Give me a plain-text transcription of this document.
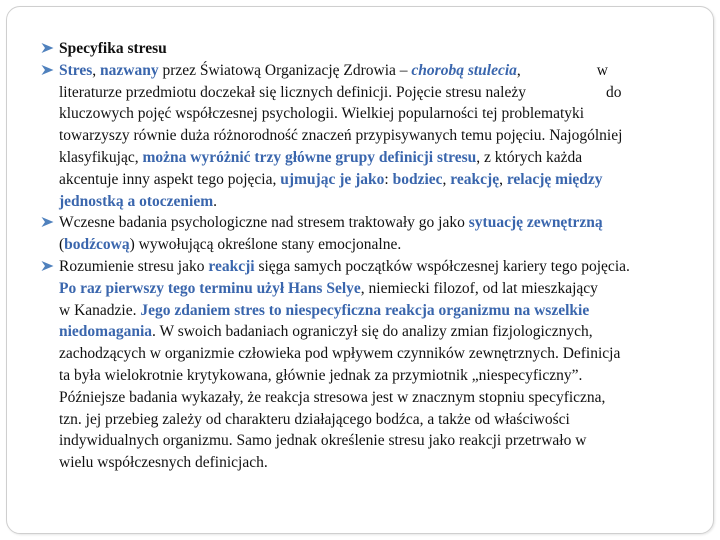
Specyfika stresu
Stres, nazwany przez Światową Organizację Zdrowia – chorobą stulecia,	w
literaturze przedmiotu doczekał się licznych definicji. Pojęcie stresu należy	do
kluczowych pojęć współczesnej psychologii. Wielkiej popularności tej problematyki
towarzyszy równie duża różnorodność znaczeń przypisywanych temu pojęciu. Najogólniej
klasyfikując, można wyróżnić trzy główne grupy definicji stresu, z których każda
akcentuje inny aspekt tego pojęcia, ujmując je jako: bodziec, reakcję, relację między
jednostką a otoczeniem.
Wczesne badania psychologiczne nad stresem traktowały go jako sytuację zewnętrzną
(bodźcową) wywołującą określone stany emocjonalne.
Rozumienie stresu jako reakcji sięga samych początków współczesnej kariery tego pojęcia.
Po raz pierwszy tego terminu użył Hans Selye, niemiecki filozof, od lat mieszkający
w Kanadzie. Jego zdaniem stres to niespecyficzna reakcja organizmu na wszelkie
niedomagania. W swoich badaniach ograniczył się do analizy zmian fizjologicznych,
zachodzących w organizmie człowieka pod wpływem czynników zewnętrznych. Definicja
ta była wielokrotnie krytykowana, głównie jednak za przymiotnik „niespecyficzny”.
Późniejsze badania wykazały, że reakcja stresowa jest w znacznym stopniu specyficzna,
tzn. jej przebieg zależy od charakteru działającego bodźca, a także od właściwości
indywidualnych organizmu. Samo jednak określenie stresu jako reakcji przetrwało w
wielu współczesnych definicjach.
